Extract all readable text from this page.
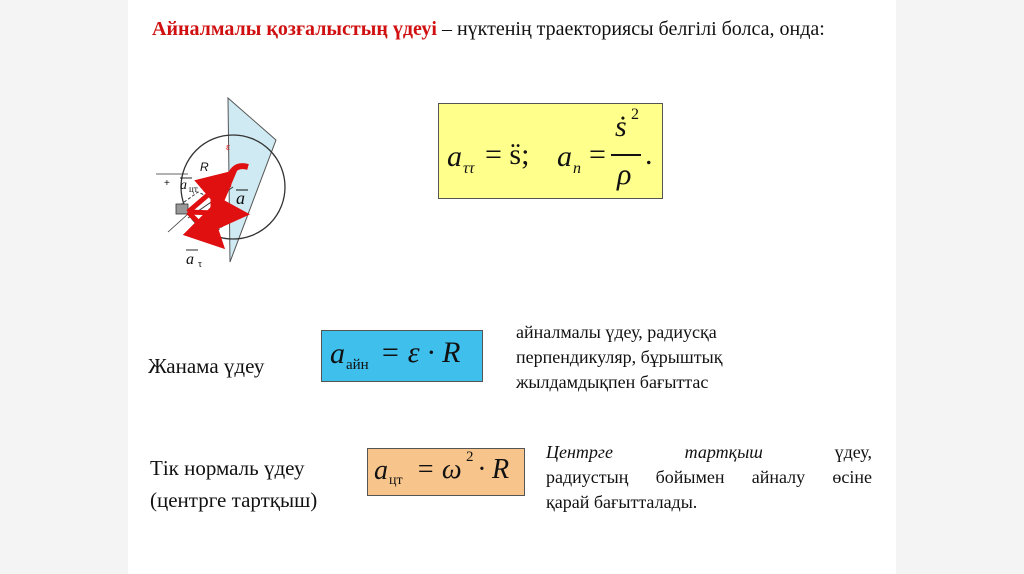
Айналмалы қозғалыстың үдеуі – нүктенің траекториясы белгілі болса, онда:
R
ε
+ a цт a
a τ
a ττ = s̈; a n =
ṡ 2
ρ
.
Жанама үдеу a айн = ε · R
айналмалы үдеу, радиусқа
перпендикуляр, бұрыштық
жылдамдықпен бағыттас
Тік нормаль үдеу
(центрге тартқыш)
a цт = ω 2 · R
Центрге	тартқыш	үдеу,
радиустың бойымен айналу өсіне
қарай бағытталады.
